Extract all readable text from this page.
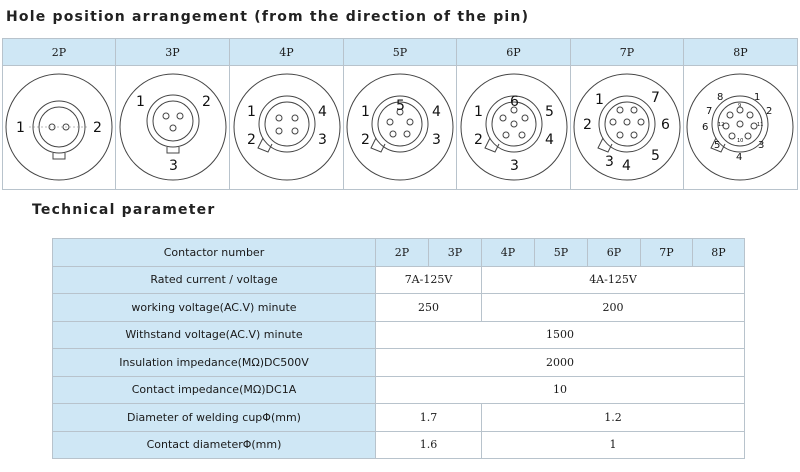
Hole position arrangement (from the direction of the pin)
2P	3P	4P	5P	6P	7P	8P
1	2
1	2
3
1
2	3
4 1
2	3
4
5	1
2
3
4
5
6	1
2
3 4
5
6
7	8
7
6
5
4
3
2
1
9
10
11
12
Technical parameter
Contactor number	2P	3P	4P	5P	6P	7P	8P
Rated current / voltage	7A-125V		4A-125V				
working voltage(AC.V) minute	250		200				
Withstand voltage(AC.V) minute	1500						
Insulation impedance(MΩ)DC500V	2000						
Contact impedance(MΩ)DC1A	10						
Diameter of welding cupΦ(mm)	1.7		1.2				
Contact diameterΦ(mm)	1.6		1				
